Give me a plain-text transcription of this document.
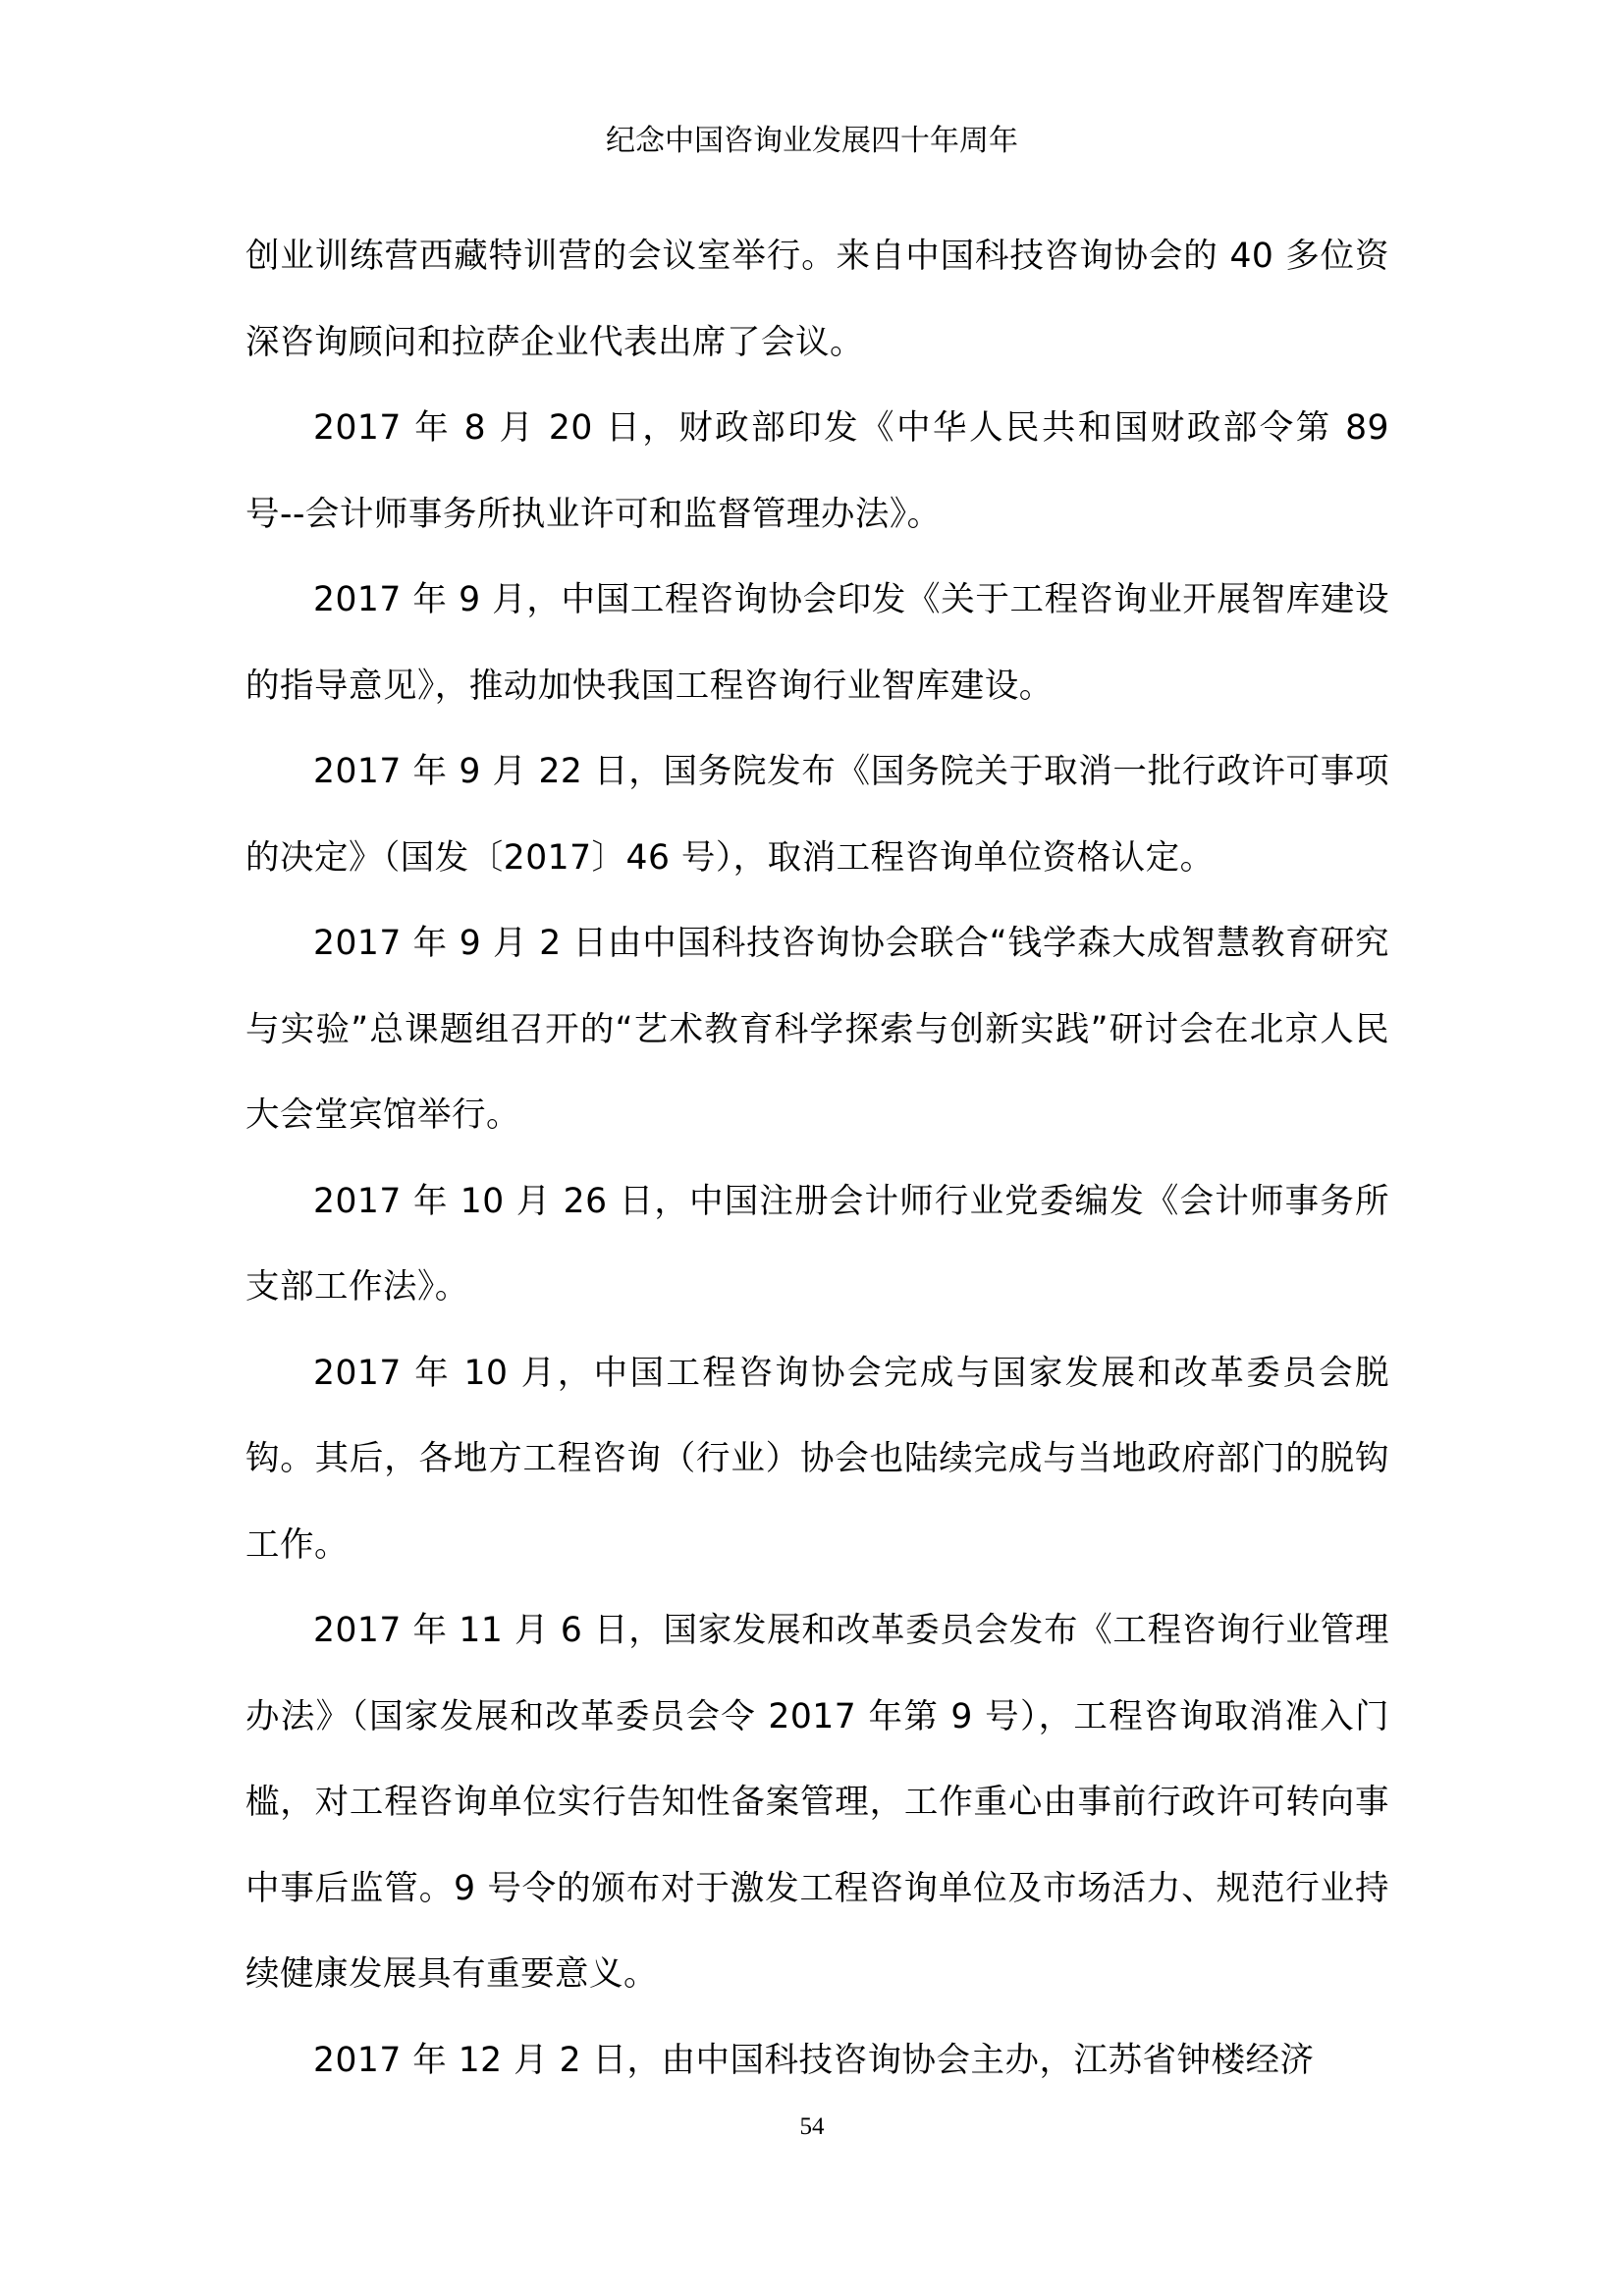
纪念中国咨询业发展四十年周年

创业训练营西藏特训营的会议室举行。来自中国科技咨询协会的 40 多位资深咨询顾问和拉萨企业代表出席了会议。

2017 年 8 月 20 日，财政部印发《中华人民共和国财政部令第 89 号--会计师事务所执业许可和监督管理办法》。

2017 年 9 月，中国工程咨询协会印发《关于工程咨询业开展智库建设的指导意见》，推动加快我国工程咨询行业智库建设。

2017 年 9 月 22 日，国务院发布《国务院关于取消一批行政许可事项的决定》（国发〔2017〕46 号），取消工程咨询单位资格认定。

2017 年 9 月 2 日由中国科技咨询协会联合“钱学森大成智慧教育研究与实验”总课题组召开的“艺术教育科学探索与创新实践”研讨会在北京人民大会堂宾馆举行。

2017 年 10 月 26 日，中国注册会计师行业党委编发《会计师事务所支部工作法》。

2017 年 10 月，中国工程咨询协会完成与国家发展和改革委员会脱钩。其后，各地方工程咨询（行业）协会也陆续完成与当地政府部门的脱钩工作。

2017 年 11 月 6 日，国家发展和改革委员会发布《工程咨询行业管理办法》（国家发展和改革委员会令 2017 年第 9 号），工程咨询取消准入门槛，对工程咨询单位实行告知性备案管理，工作重心由事前行政许可转向事中事后监管。9 号令的颁布对于激发工程咨询单位及市场活力、规范行业持续健康发展具有重要意义。

2017 年 12 月 2 日，由中国科技咨询协会主办，江苏省钟楼经济

54
